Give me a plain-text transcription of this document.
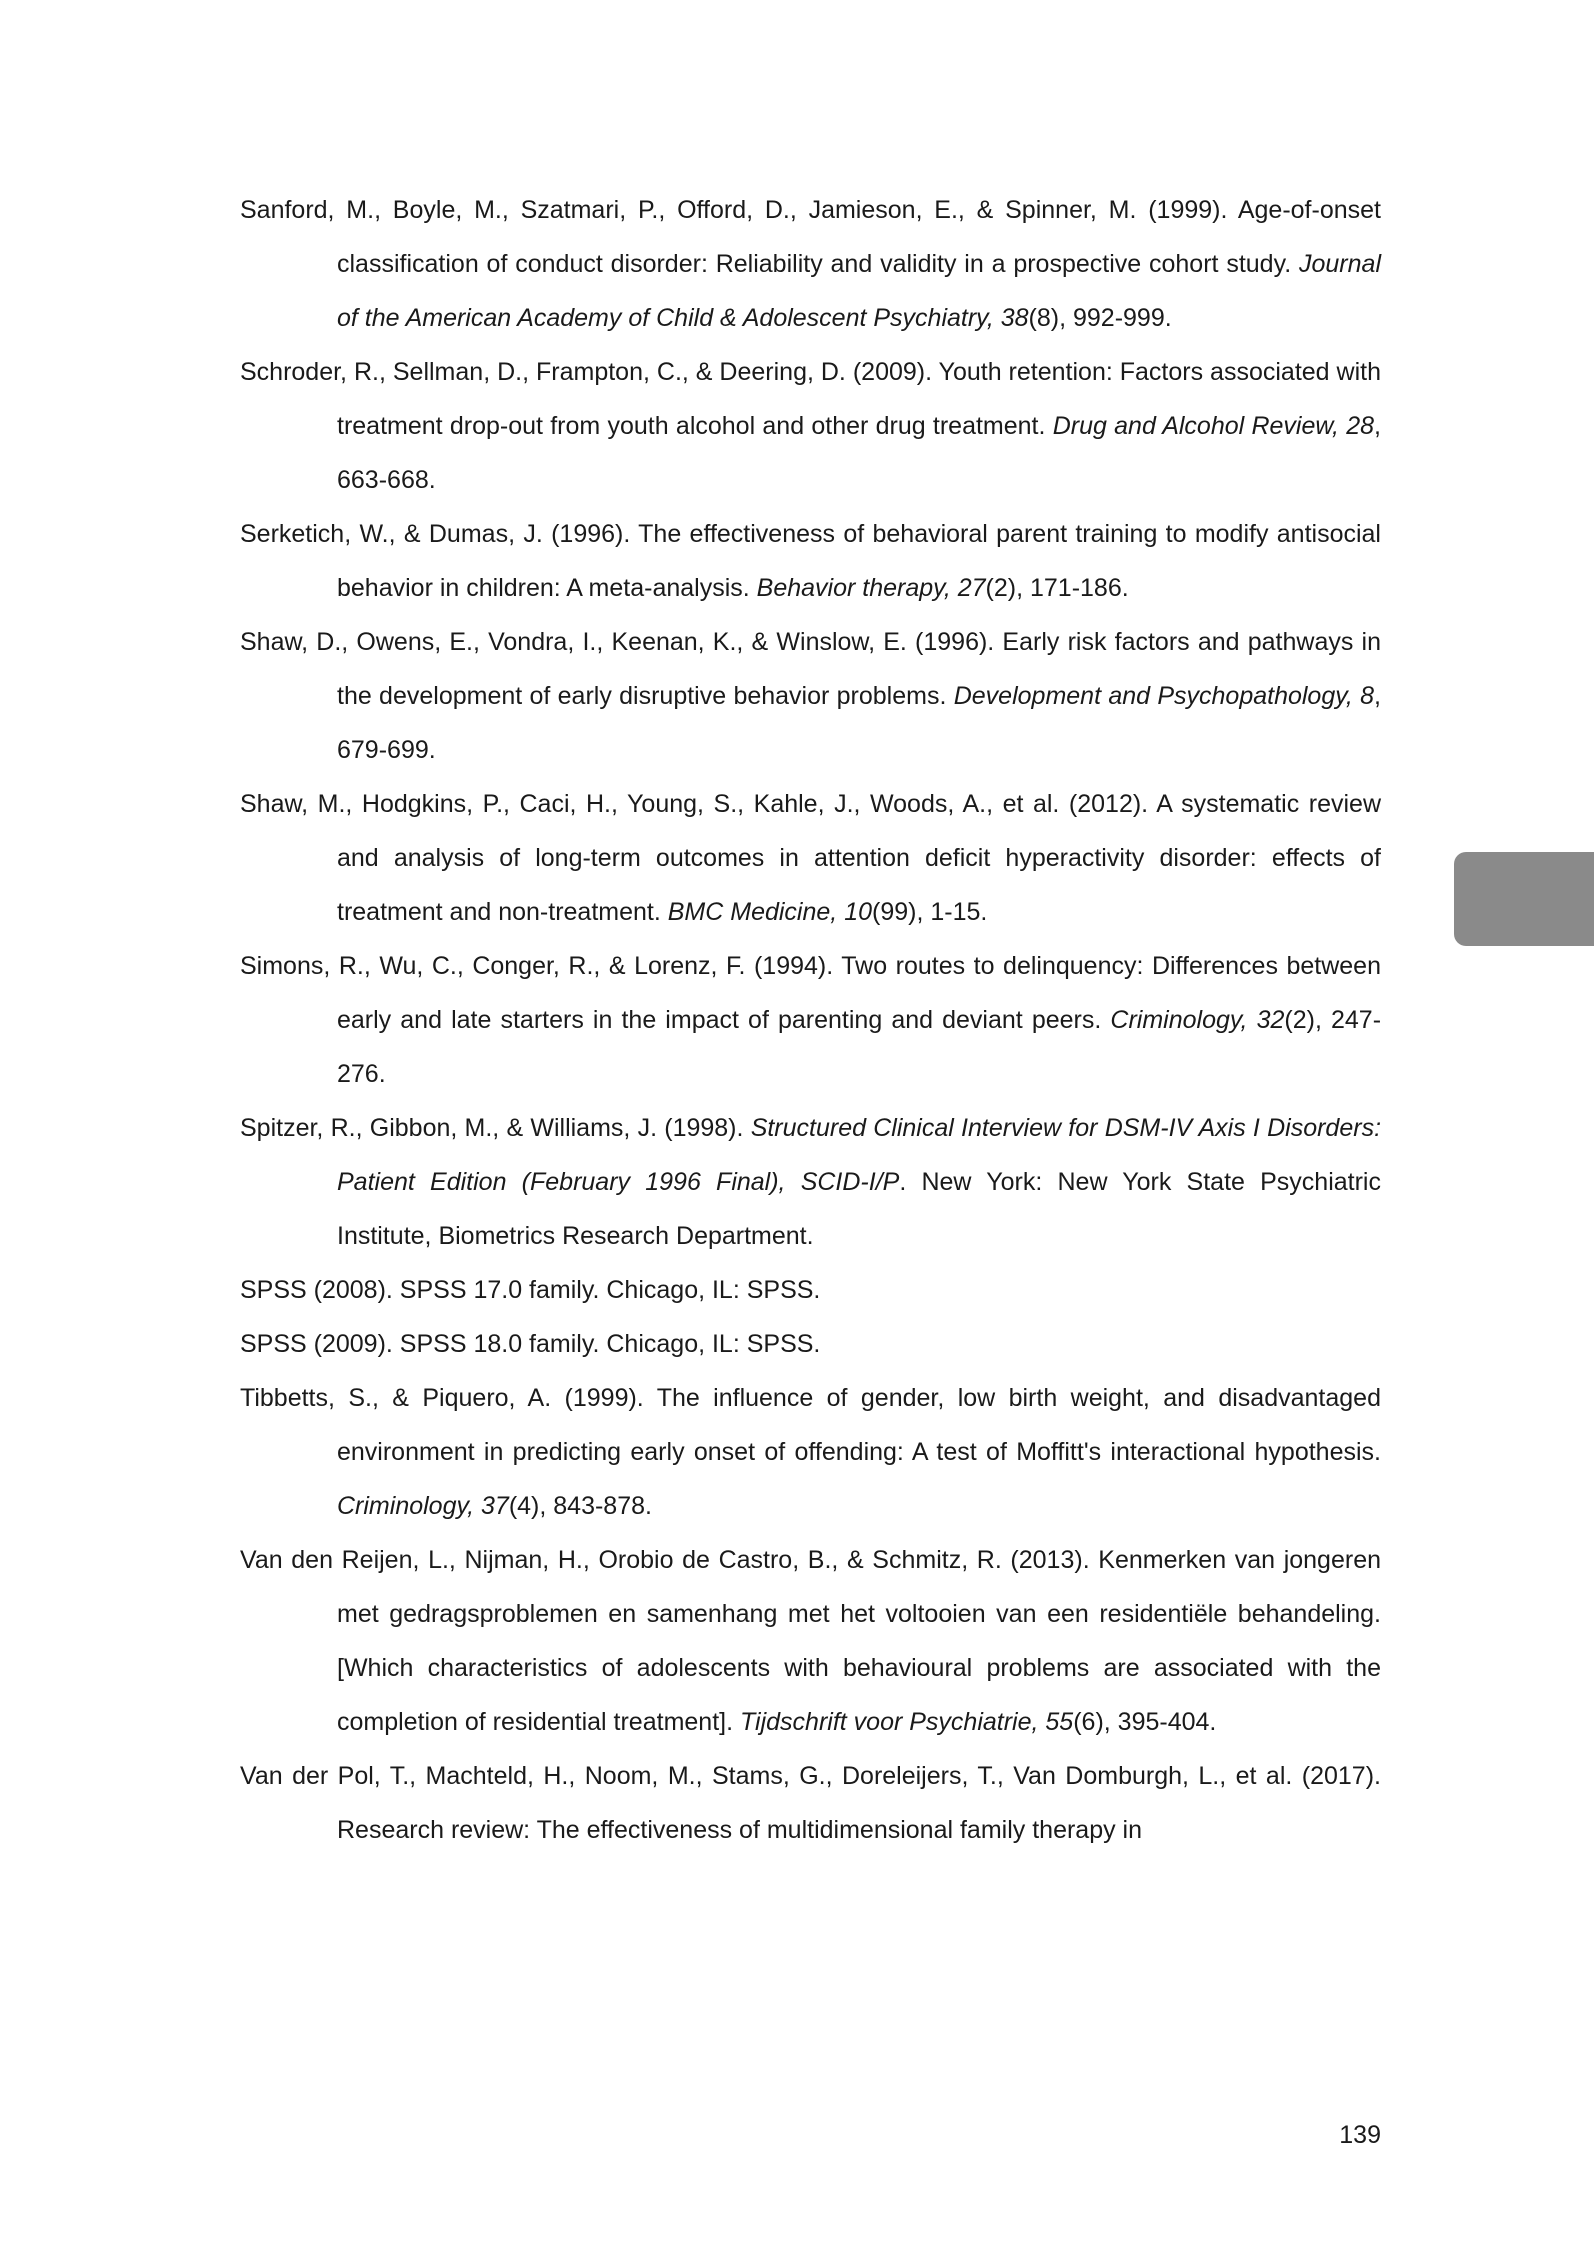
Sanford, M., Boyle, M., Szatmari, P., Offord, D., Jamieson, E., & Spinner, M. (1999). Age-of-onset classification of conduct disorder: Reliability and validity in a prospective cohort study. Journal of the American Academy of Child & Adolescent Psychiatry, 38(8), 992-999.

Schroder, R., Sellman, D., Frampton, C., & Deering, D. (2009). Youth retention: Factors associated with treatment drop-out from youth alcohol and other drug treatment. Drug and Alcohol Review, 28, 663-668.

Serketich, W., & Dumas, J. (1996). The effectiveness of behavioral parent training to modify antisocial behavior in children: A meta-analysis. Behavior therapy, 27(2), 171-186.

Shaw, D., Owens, E., Vondra, I., Keenan, K., & Winslow, E. (1996). Early risk factors and pathways in the development of early disruptive behavior problems. Development and Psychopathology, 8, 679-699.

Shaw, M., Hodgkins, P., Caci, H., Young, S., Kahle, J., Woods, A., et al. (2012). A systematic review and analysis of long-term outcomes in attention deficit hyperactivity disorder: effects of treatment and non-treatment. BMC Medicine, 10(99), 1-15.

Simons, R., Wu, C., Conger, R., & Lorenz, F. (1994). Two routes to delinquency: Differences between early and late starters in the impact of parenting and deviant peers. Criminology, 32(2), 247-276.

Spitzer, R., Gibbon, M., & Williams, J. (1998). Structured Clinical Interview for DSM-IV Axis I Disorders: Patient Edition (February 1996 Final), SCID-I/P. New York: New York State Psychiatric Institute, Biometrics Research Department.

SPSS (2008). SPSS 17.0 family. Chicago, IL: SPSS.

SPSS (2009). SPSS 18.0 family. Chicago, IL: SPSS.

Tibbetts, S., & Piquero, A. (1999). The influence of gender, low birth weight, and disadvantaged environment in predicting early onset of offending: A test of Moffitt's interactional hypothesis. Criminology, 37(4), 843-878.

Van den Reijen, L., Nijman, H., Orobio de Castro, B., & Schmitz, R. (2013). Kenmerken van jongeren met gedragsproblemen en samenhang met het voltooien van een residentiële behandeling. [Which characteristics of adolescents with behavioural problems are associated with the completion of residential treatment]. Tijdschrift voor Psychiatrie, 55(6), 395-404.

Van der Pol, T., Machteld, H., Noom, M., Stams, G., Doreleijers, T., Van Domburgh, L., et al. (2017). Research review: The effectiveness of multidimensional family therapy in

139
